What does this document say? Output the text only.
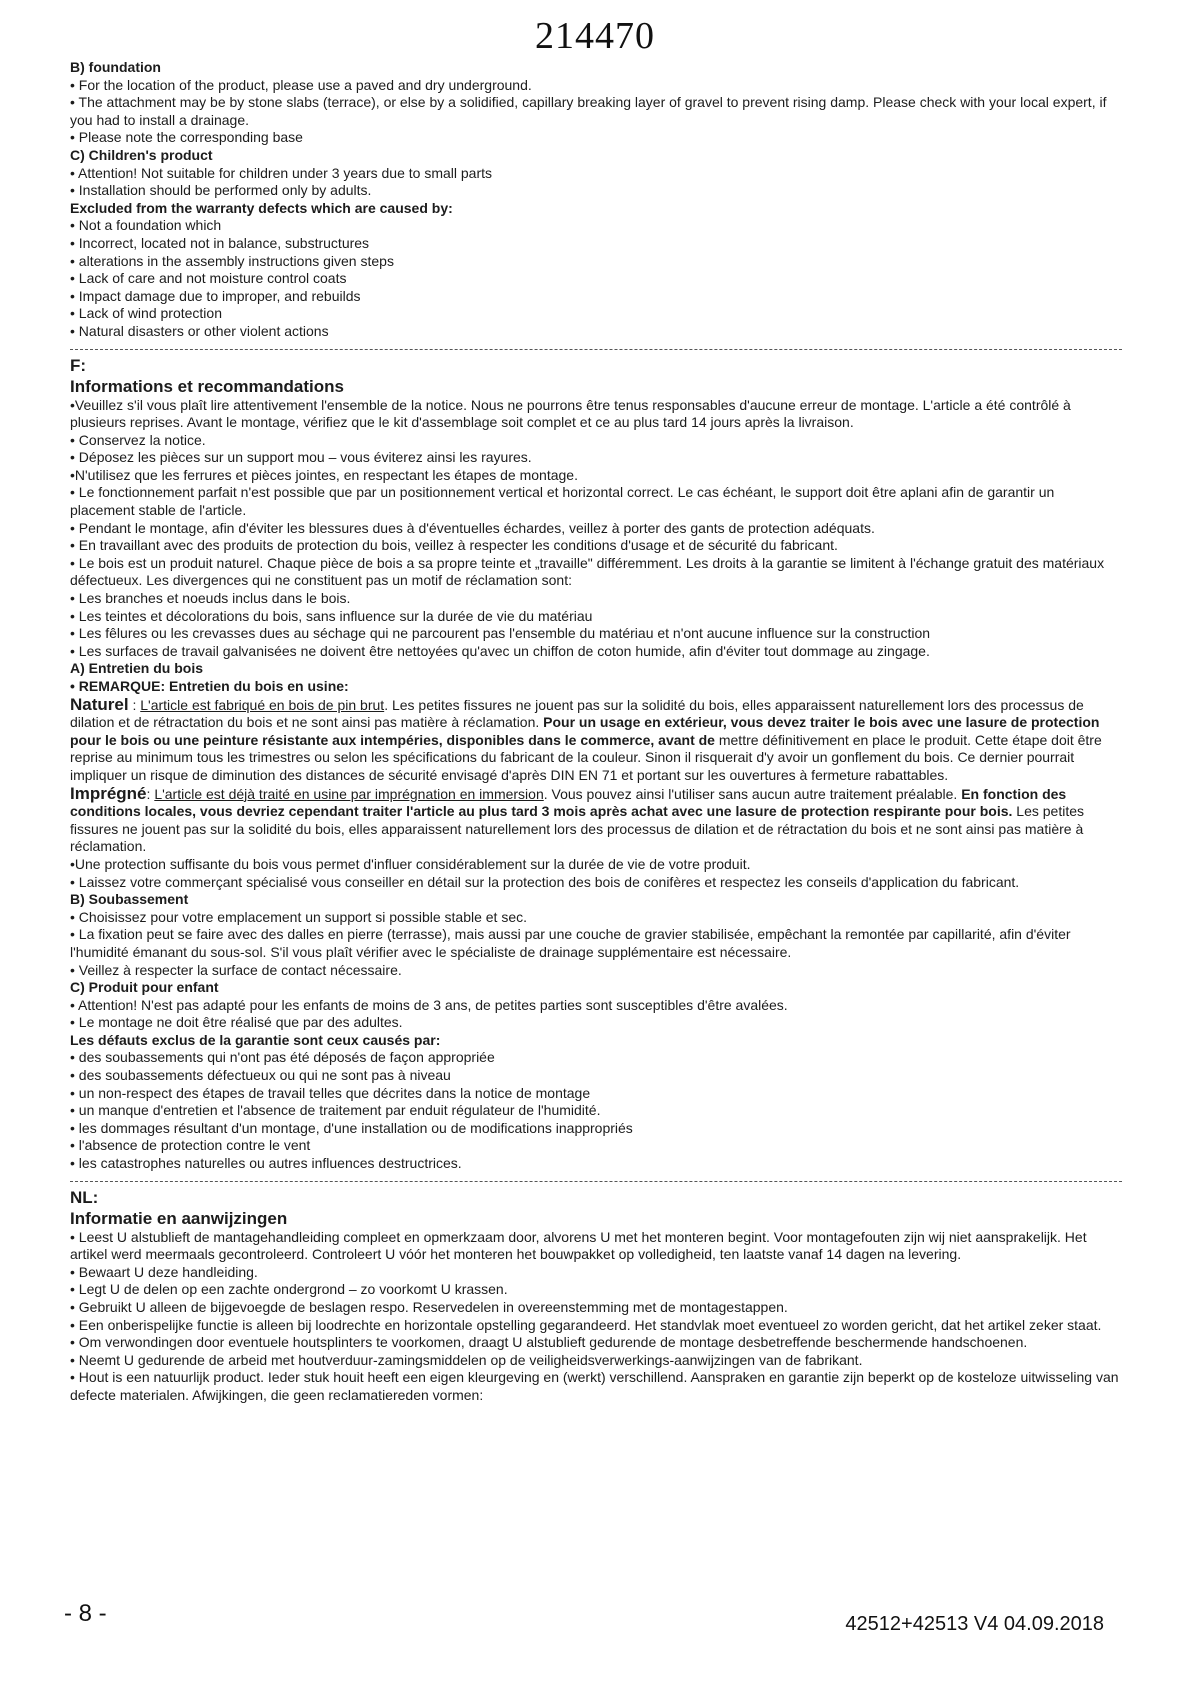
214470

B) foundation

• For the location of the product, please use a paved and dry underground.

• The attachment may be by stone slabs (terrace), or else by a solidified, capillary breaking layer of gravel to prevent rising damp. Please check with your local expert, if you had to install a drainage.

• Please note the corresponding base

C) Children's product

• Attention! Not suitable for children under 3 years due to small parts

• Installation should be performed only by adults.

Excluded from the warranty defects which are caused by:

• Not a foundation which

• Incorrect, located not in balance, substructures

• alterations in the assembly instructions given steps

• Lack of care and not moisture control coats

• Impact damage due to improper, and rebuilds

• Lack of wind protection

• Natural disasters or other violent actions

F:

Informations et recommandations

•Veuillez s'il vous plaît lire attentivement l'ensemble de la notice. Nous ne pourrons être tenus responsables d'aucune erreur de montage. L'article a été contrôlé à plusieurs reprises. Avant le montage, vérifiez que le kit d'assemblage soit complet et ce au plus tard 14 jours après la livraison.

• Conservez la notice.

• Déposez les pièces sur un support mou – vous éviterez ainsi les rayures.

•N'utilisez que les ferrures et pièces jointes, en respectant les étapes de montage.

• Le fonctionnement parfait n'est possible que par un positionnement vertical et horizontal correct. Le cas échéant, le support doit être aplani afin de garantir un placement stable de l'article.

• Pendant le montage, afin d'éviter les blessures dues à d'éventuelles échardes, veillez à porter des gants de protection adéquats.

• En travaillant avec des produits de protection du bois, veillez à respecter les conditions d'usage et de sécurité du fabricant.

• Le bois est un produit naturel. Chaque pièce de bois a sa propre teinte et „travaille" différemment. Les droits à la garantie se limitent à l'échange gratuit des matériaux défectueux. Les divergences qui ne constituent pas un motif de réclamation sont:

• Les branches et noeuds inclus dans le bois.

• Les teintes et décolorations du bois, sans influence sur la durée de vie du matériau

• Les fêlures ou les crevasses dues au séchage qui ne parcourent pas l'ensemble du matériau et n'ont aucune influence sur la construction

• Les surfaces de travail galvanisées ne doivent être nettoyées qu'avec un chiffon de coton humide, afin d'éviter tout dommage au zingage.

A) Entretien du bois

• REMARQUE: Entretien du bois en usine:

Naturel : L'article est fabriqué en bois de pin brut. Les petites fissures ne jouent pas sur la solidité du bois, elles apparaissent naturellement lors des processus de dilation et de rétractation du bois et ne sont ainsi pas matière à réclamation. Pour un usage en extérieur, vous devez traiter le bois avec une lasure de protection pour le bois ou une peinture résistante aux intempéries, disponibles dans le commerce, avant de mettre définitivement en place le produit. Cette étape doit être reprise au minimum tous les trimestres ou selon les spécifications du fabricant de la couleur. Sinon il risquerait d'y avoir un gonflement du bois. Ce dernier pourrait impliquer un risque de diminution des distances de sécurité envisagé d'après DIN EN 71 et portant sur les ouvertures à fermeture rabattables.

Imprégné: L'article est déjà traité en usine par imprégnation en immersion. Vous pouvez ainsi l'utiliser sans aucun autre traitement préalable. En fonction des conditions locales, vous devriez cependant traiter l'article au plus tard 3 mois après achat avec une lasure de protection respirante pour bois. Les petites fissures ne jouent pas sur la solidité du bois, elles apparaissent naturellement lors des processus de dilation et de rétractation du bois et ne sont ainsi pas matière à réclamation.

•Une protection suffisante du bois vous permet d'influer considérablement sur la durée de vie de votre produit.

• Laissez votre commerçant spécialisé vous conseiller en détail sur la protection des bois de conifères et respectez les conseils d'application du fabricant.

B) Soubassement

• Choisissez pour votre emplacement un support si possible stable et sec.

• La fixation peut se faire avec des dalles en pierre (terrasse), mais aussi par une couche de gravier stabilisée, empêchant la remontée par capillarité, afin d'éviter l'humidité émanant du sous-sol. S'il vous plaît vérifier avec le spécialiste de drainage supplémentaire est nécessaire.

• Veillez à respecter la surface de contact nécessaire.

C) Produit pour enfant

• Attention! N'est pas adapté pour les enfants de moins de 3 ans, de petites parties sont susceptibles d'être avalées.

• Le montage ne doit être réalisé que par des adultes.

Les défauts exclus de la garantie sont ceux causés par:

• des soubassements qui n'ont pas été déposés de façon appropriée

• des soubassements défectueux ou qui ne sont pas à niveau

• un non-respect des étapes de travail telles que décrites dans la notice de montage

• un manque d'entretien et l'absence de traitement par enduit régulateur de l'humidité.

• les dommages résultant d'un montage, d'une installation ou de modifications inappropriés

• l'absence de protection contre le vent

• les catastrophes naturelles ou autres influences destructrices.

NL:

Informatie en aanwijzingen

• Leest U alstublieft de mantagehandleiding compleet en opmerkzaam door, alvorens U met het monteren begint. Voor montagefouten zijn wij niet aansprakelijk. Het artikel werd meermaals gecontroleerd. Controleert U vóór het monteren het bouwpakket op volledigheid, ten laatste vanaf 14 dagen na levering.

• Bewaart U deze handleiding.

• Legt U de delen op een zachte ondergrond – zo voorkomt U krassen.

• Gebruikt U alleen de bijgevoegde de beslagen respo. Reservedelen in overeenstemming met de montagestappen.

• Een onberispelijke functie is alleen bij loodrechte en horizontale opstelling gegarandeerd. Het standvlak moet eventueel zo worden gericht, dat het artikel zeker staat.

• Om verwondingen door eventuele houtsplinters te voorkomen, draagt U alstublieft gedurende de montage desbetreffende beschermende handschoenen.

• Neemt U gedurende de arbeid met houtverduur-zamingsmiddelen op de veiligheidsverwerkings-aanwijzingen van de fabrikant.

• Hout is een natuurlijk product. Ieder stuk houit heeft een eigen kleurgeving en (werkt) verschillend. Aanspraken en garantie zijn beperkt op de kosteloze uitwisseling van defecte materialen. Afwijkingen, die geen reclamatiereden vormen:

- 8 -	42512+42513 V4 04.09.2018
